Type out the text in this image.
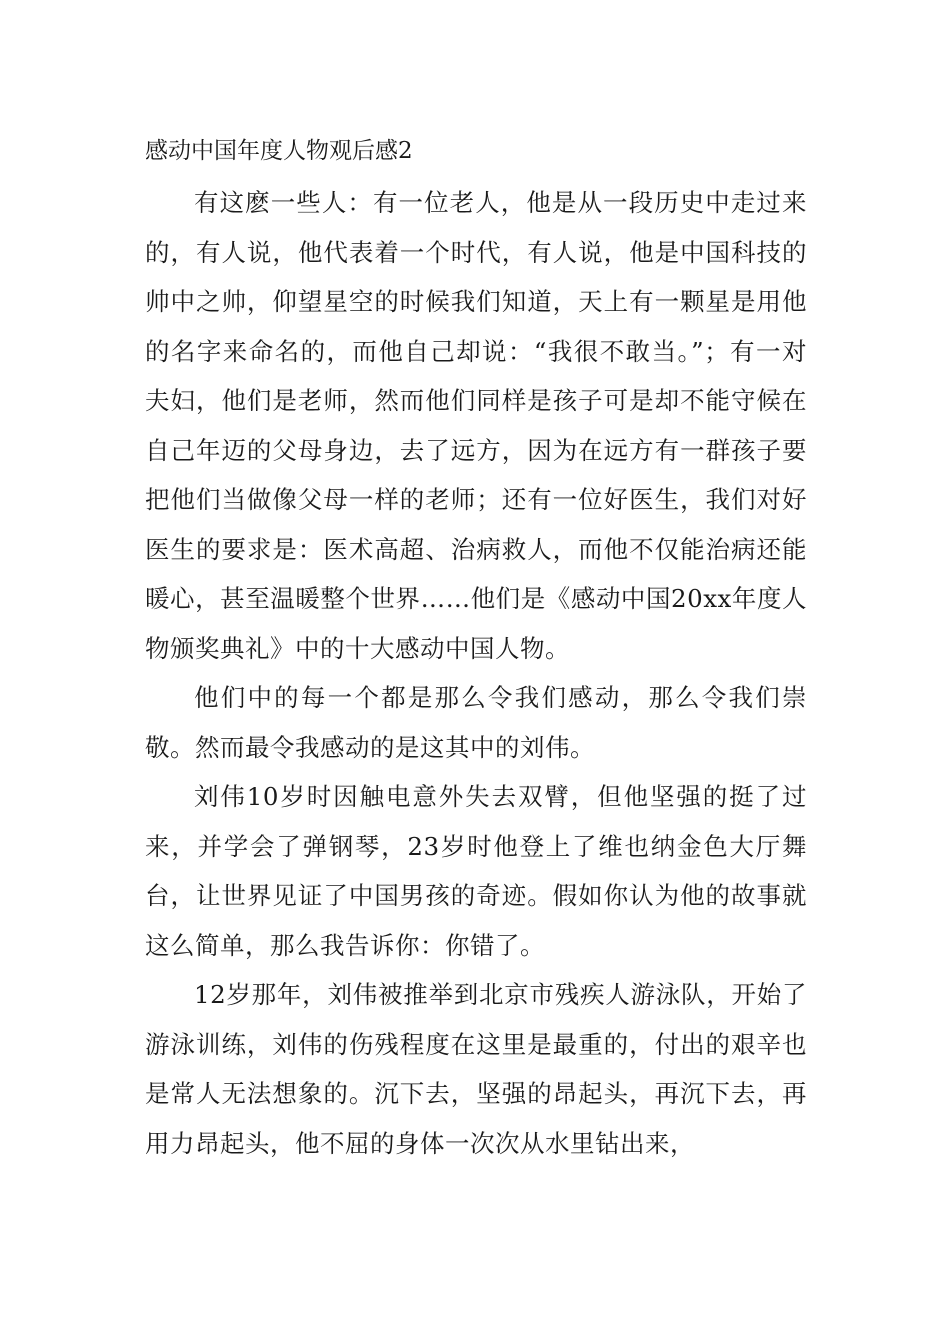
感动中国年度人物观后感2

有这麽一些人：有一位老人，他是从一段历史中走过来的，有人说，他代表着一个时代，有人说，他是中国科技的帅中之帅，仰望星空的时候我们知道，天上有一颗星是用他的名字来命名的，而他自己却说：“我很不敢当。”；有一对夫妇，他们是老师，然而他们同样是孩子可是却不能守候在自己年迈的父母身边，去了远方，因为在远方有一群孩子要把他们当做像父母一样的老师；还有一位好医生，我们对好医生的要求是：医术高超、治病救人，而他不仅能治病还能暖心，甚至温暖整个世界……他们是《感动中国20xx年度人物颁奖典礼》中的十大感动中国人物。

他们中的每一个都是那么令我们感动，那么令我们崇敬。然而最令我感动的是这其中的刘伟。

刘伟10岁时因触电意外失去双臂，但他坚强的挺了过来，并学会了弹钢琴，23岁时他登上了维也纳金色大厅舞台，让世界见证了中国男孩的奇迹。假如你认为他的故事就这么简单，那么我告诉你：你错了。

12岁那年，刘伟被推举到北京市残疾人游泳队，开始了游泳训练，刘伟的伤残程度在这里是最重的，付出的艰辛也是常人无法想象的。沉下去，坚强的昂起头，再沉下去，再用力昂起头，他不屈的身体一次次从水里钻出来，
